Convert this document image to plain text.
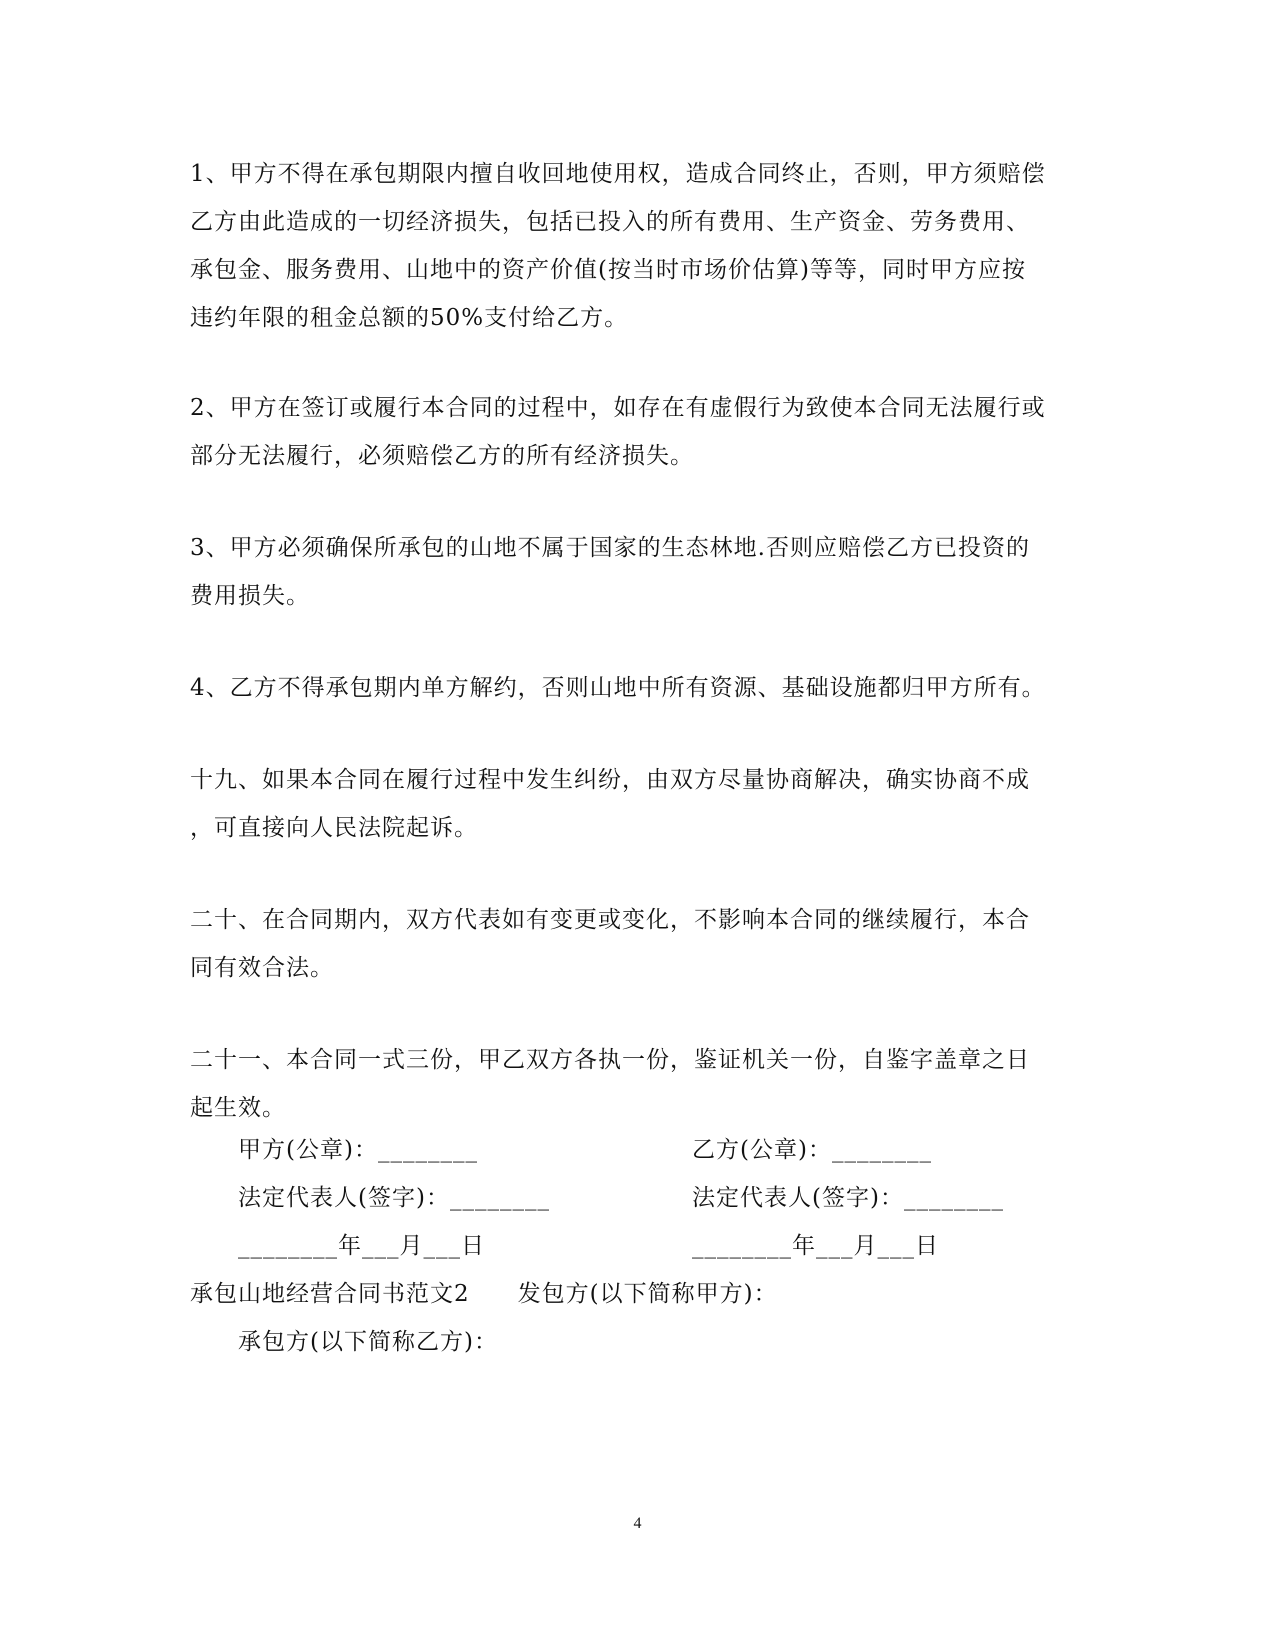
1、甲方不得在承包期限内擅自收回地使用权，造成合同终止，否则，甲方须赔偿
乙方由此造成的一切经济损失，包括已投入的所有费用、生产资金、劳务费用、
承包金、服务费用、山地中的资产价值(按当时市场价估算)等等，同时甲方应按
违约年限的租金总额的50%支付给乙方。
2、甲方在签订或履行本合同的过程中，如存在有虚假行为致使本合同无法履行或
部分无法履行，必须赔偿乙方的所有经济损失。
3、甲方必须确保所承包的山地不属于国家的生态林地.否则应赔偿乙方已投资的
费用损失。
4、乙方不得承包期内单方解约，否则山地中所有资源、基础设施都归甲方所有。
十九、如果本合同在履行过程中发生纠纷，由双方尽量协商解决，确实协商不成
，可直接向人民法院起诉。
二十、在合同期内，双方代表如有变更或变化，不影响本合同的继续履行，本合
同有效合法。
二十一、本合同一式三份，甲乙双方各执一份，鉴证机关一份，自鉴字盖章之日
起生效。
甲方(公章)：________	乙方(公章)：________
法定代表人(签字)：________	法定代表人(签字)：________
________年___月___日	________年___月___日
承包山地经营合同书范文2　　发包方(以下简称甲方)：
承包方(以下简称乙方)：
4
